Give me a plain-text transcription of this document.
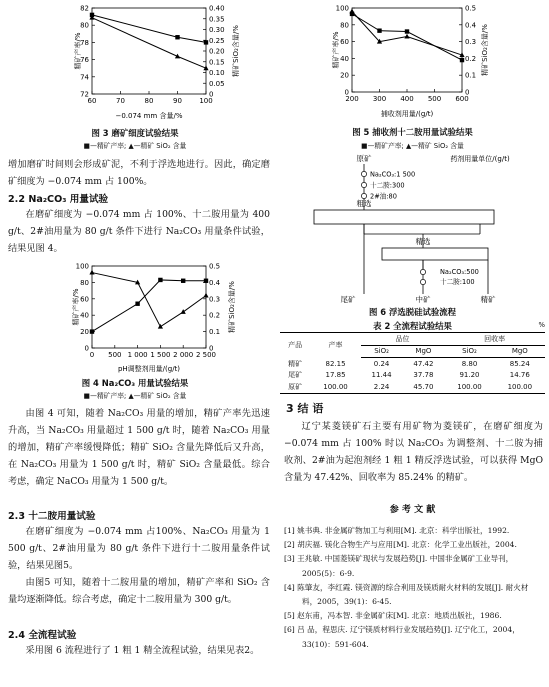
60	70	80	90 100
72
74
76
78
80
82
0
0.05
0.10
0.15
0.20
0.25
0.30
0.35
0.40
精矿产率/%	精矿SiO₂含量/%
−0.074 mm 含量/%

图 3 磨矿细度试验结果

■—精矿产率; ▲—精矿 SiO₂ 含量

增加磨矿时间则会形成矿泥，不利于浮选地进行。因此，确定磨矿细度为 −0.074 mm 占 100%。

2.2 Na₂CO₃ 用量试验

在磨矿细度为 −0.074 mm 占 100%、十二胺用量为 400 g/t、2#油用量为 80 g/t 条件下进行 Na₂CO₃ 用量条件试验，结果见图 4。

0 500 1 000 1 500 2 000 2 500
0
20
40
60
80
100
0
0.1
0.2
0.3
0.4
0.5
精矿产率/%	精矿SiO₂含量/%
pH调整剂用量/(g/t)

图 4 Na₂CO₃ 用量试验结果

■—精矿产率; ▲—精矿 SiO₂ 含量

由图 4 可知，随着 Na₂CO₃ 用量的增加，精矿产率先迅速升高，当 Na₂CO₃ 用量超过 1 500 g/t 时，随着 Na₂CO₃ 用量的增加，精矿产率缓慢降低；精矿 SiO₂ 含量先降低后又升高，在 Na₂CO₃ 用量为 1 500 g/t 时，精矿 SiO₂ 含量最低。综合考虑，确定 NaCO₃ 用量为 1 500 g/t。

2.3 十二胺用量试验

在磨矿细度为 −0.074 mm 占100%、Na₂CO₃ 用量为 1 500 g/t、2#油用量为 80 g/t 条件下进行十二胺用量条件试验，结果见图5。

由图5 可知，随着十二胺用量的增加，精矿产率和 SiO₂ 含量均逐渐降低。综合考虑，确定十二胺用量为 300 g/t。

2.4 全流程试验

采用图 6 流程进行了 1 粗 1 精全流程试验，结果见表2。

200 300 400 500 600
0
20
40
60
80
100
0
0.1
0.2
0.3
0.4
0.5
精矿产率/%	精矿SiO₂含量/%
捕收剂用量/(g/t)

图 5 捕收剂十二胺用量试验结果

■—精矿产率; ▲—精矿 SiO₂ 含量

原矿	药剂用量单位/(g/t)
Na₂CO₃:1 500
十二胺:300
2#油:80
粗选
精选
Na₂CO₃:500
十二胺:100
尾矿	中矿	精矿

图 6 浮选脱硅试验流程

表 2 全流程试验结果	%
产品	产率	品位		回收率	
		SiO₂	MgO	SiO₂	MgO
精矿	82.15	0.24	47.42	8.80	85.24
尾矿	17.85	11.44	37.78	91.20	14.76
原矿	100.00	2.24	45.70	100.00	100.00

3 结 语

辽宁某菱镁矿石主要有用矿物为菱镁矿，在磨矿细度为 −0.074 mm 占 100% 时以 Na₂CO₃ 为调整剂、十二胺为捕收剂、2#油为起泡剂经 1 粗 1 精反浮选试验，可以获得 MgO 含量为 47.42%、回收率为 85.24% 的精矿。

参 考 文 献

[1] 姚书典. 非金属矿物加工与利用[M]. 北京：科学出版社，1992.

[2] 胡庆福. 镁化合物生产与应用[M]. 北京：化学工业出版社，2004.

[3] 王兆敏. 中国菱镁矿现状与发展趋势[J]. 中国非金属矿工业导刊，2005(5)：6-9.

[4] 陈肇友，李红霞. 镁资源的综合利用及镁质耐火材料的发展[J]. 耐火材料，2005，39(1)：6-45.

[5] 赵东甫，冯本智. 非金属矿床[M]. 北京：地质出版社，1986.

[6] 吕 品，程思庆. 辽宁镁质材料行业发展趋势[J]. 辽宁化工，2004，33(10)：591-604.
